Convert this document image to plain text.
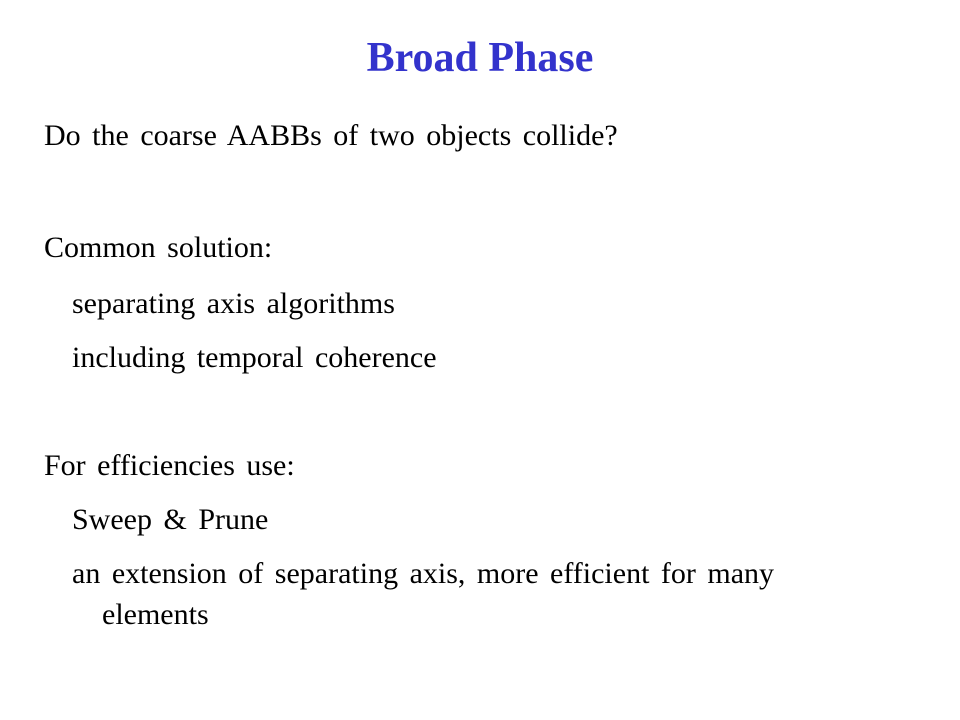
Broad Phase
Do the coarse AABBs of two objects collide?
Common solution:
separating axis algorithms
including temporal coherence
For efficiencies use:
Sweep & Prune
an extension of separating axis, more efficient for many
elements
